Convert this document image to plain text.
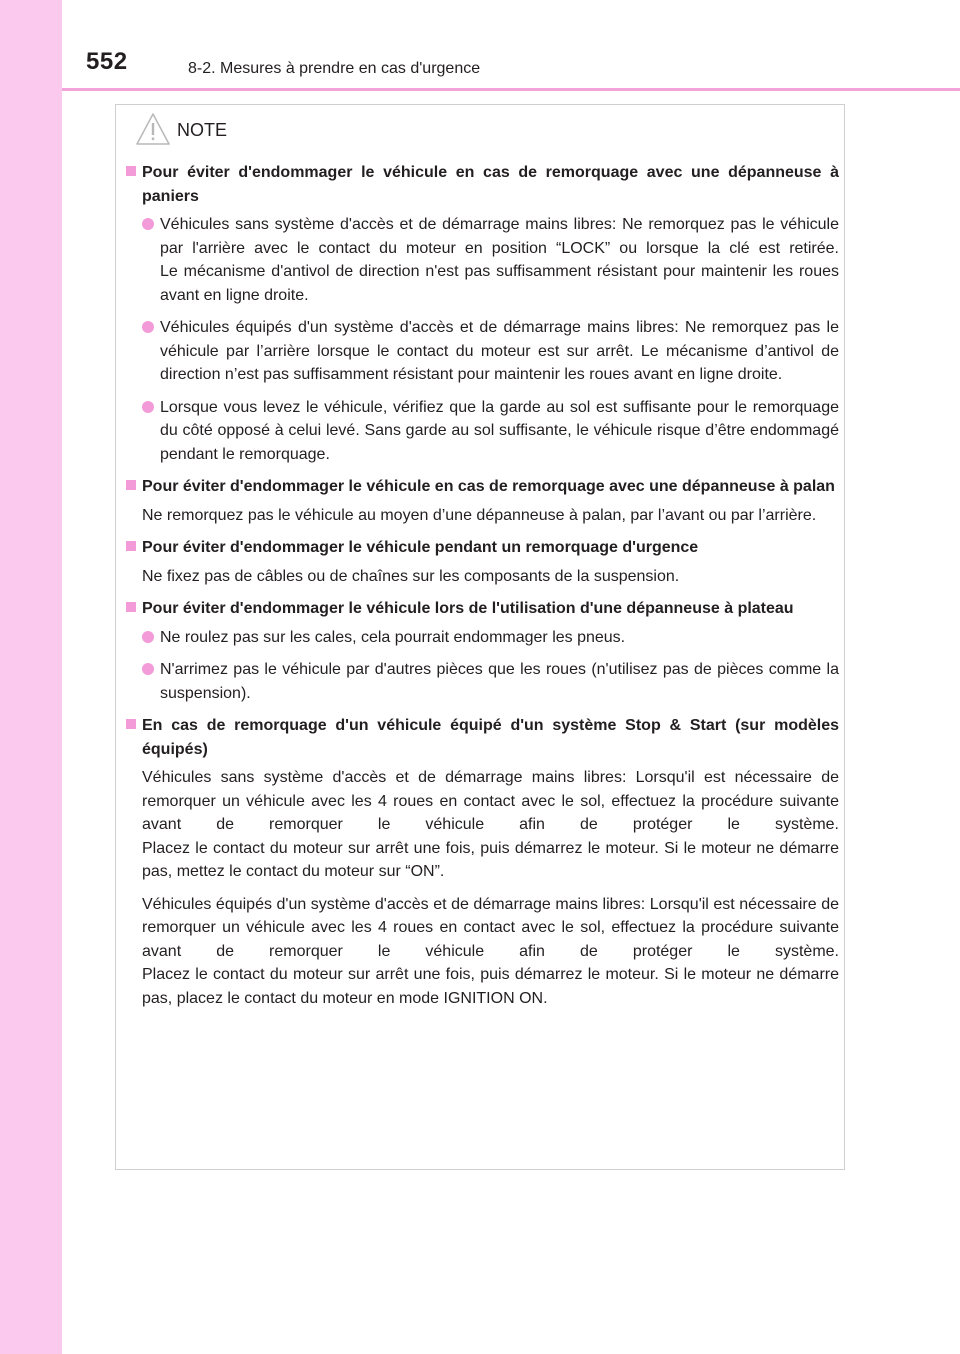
552	8-2. Mesures à prendre en cas d'urgence
NOTE
Pour éviter d'endommager le véhicule en cas de remorquage avec une dépanneuse à paniers
Véhicules sans système d'accès et de démarrage mains libres: Ne remorquez pas le véhicule par l'arrière avec le contact du moteur en position “LOCK” ou lorsque la clé est retirée.
Le mécanisme d'antivol de direction n'est pas suffisamment résistant pour maintenir les roues avant en ligne droite.
Véhicules équipés d'un système d'accès et de démarrage mains libres: Ne remorquez pas le véhicule par l’arrière lorsque le contact du moteur est sur arrêt. Le mécanisme d’antivol de direction n’est pas suffisamment résistant pour maintenir les roues avant en ligne droite.
Lorsque vous levez le véhicule, vérifiez que la garde au sol est suffisante pour le remorquage du côté opposé à celui levé. Sans garde au sol suffisante, le véhicule risque d’être endommagé pendant le remorquage.
Pour éviter d'endommager le véhicule en cas de remorquage avec une dépanneuse à palan
Ne remorquez pas le véhicule au moyen d’une dépanneuse à palan, par l’avant ou par l’arrière.
Pour éviter d'endommager le véhicule pendant un remorquage d'urgence
Ne fixez pas de câbles ou de chaînes sur les composants de la suspension.
Pour éviter d'endommager le véhicule lors de l'utilisation d'une dépanneuse à plateau
Ne roulez pas sur les cales, cela pourrait endommager les pneus.
N'arrimez pas le véhicule par d'autres pièces que les roues (n'utilisez pas de pièces comme la suspension).
En cas de remorquage d'un véhicule équipé d'un système Stop & Start (sur modèles équipés)
Véhicules sans système d'accès et de démarrage mains libres: Lorsqu'il est nécessaire de remorquer un véhicule avec les 4 roues en contact avec le sol, effectuez la procédure suivante avant de remorquer le véhicule afin de protéger le système.
Placez le contact du moteur sur arrêt une fois, puis démarrez le moteur. Si le moteur ne démarre pas, mettez le contact du moteur sur “ON”.
Véhicules équipés d'un système d'accès et de démarrage mains libres: Lorsqu'il est nécessaire de remorquer un véhicule avec les 4 roues en contact avec le sol, effectuez la procédure suivante avant de remorquer le véhicule afin de protéger le système.
Placez le contact du moteur sur arrêt une fois, puis démarrez le moteur. Si le moteur ne démarre pas, placez le contact du moteur en mode IGNITION ON.
